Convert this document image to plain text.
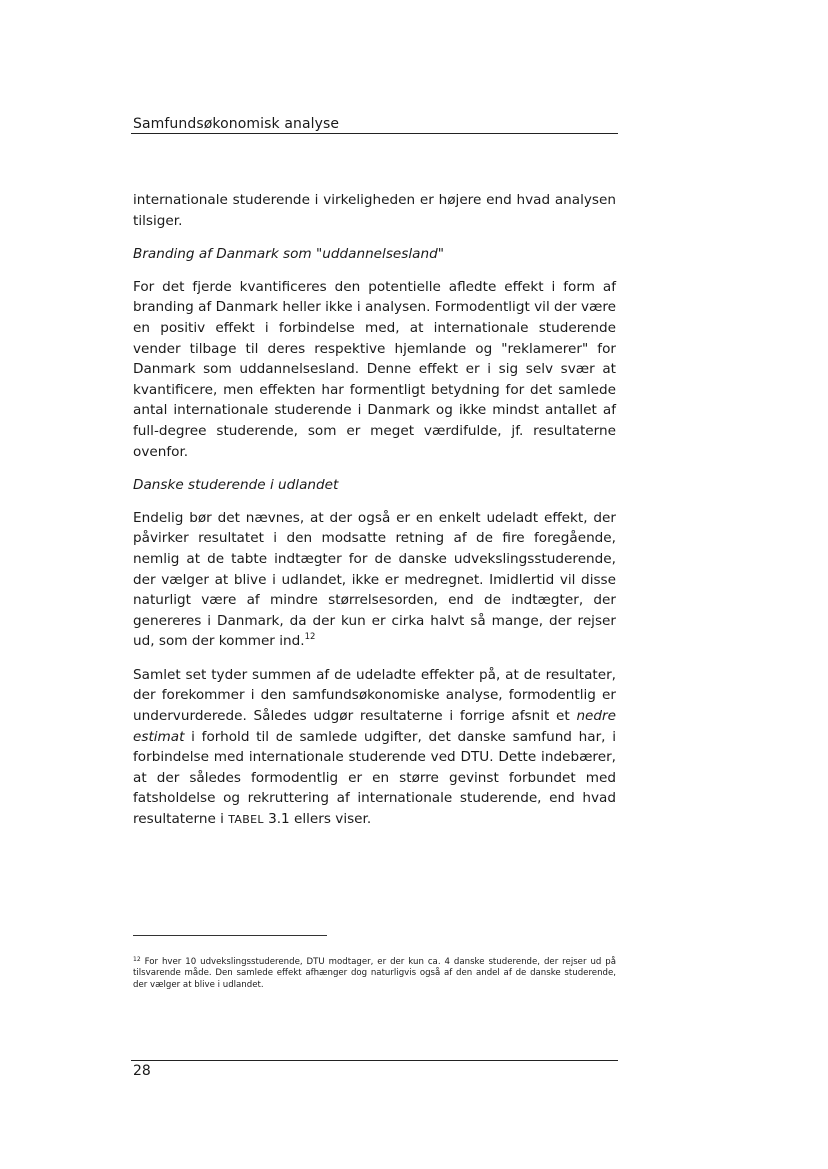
Samfundsøkonomisk analyse

internationale studerende i virkeligheden er højere end hvad analysen tilsiger.

Branding af Danmark som "uddannelsesland"

For det fjerde kvantificeres den potentielle afledte effekt i form af branding af Danmark heller ikke i analysen. Formodentligt vil der være en positiv effekt i forbindelse med, at internationale studerende vender tilbage til deres respektive hjemlande og "reklamerer" for Danmark som uddannelsesland. Denne effekt er i sig selv svær at kvantificere, men effekten har formentligt betydning for det samlede antal internationale studerende i Danmark og ikke mindst antallet af full-degree studerende, som er meget værdifulde, jf. resultaterne ovenfor.

Danske studerende i udlandet

Endelig bør det nævnes, at der også er en enkelt udeladt effekt, der påvirker resultatet i den modsatte retning af de fire foregående, nemlig at de tabte indtægter for de danske udvekslingsstuderende, der vælger at blive i udlandet, ikke er medregnet. Imidlertid vil disse naturligt være af mindre størrelsesorden, end de indtægter, der genereres i Danmark, da der kun er cirka halvt så mange, der rejser ud, som der kommer ind.$^{12}$

Samlet set tyder summen af de udeladte effekter på, at de resultater, der forekommer i den samfundsøkonomiske analyse, formodentlig er undervurderede. Således udgør resultaterne i forrige afsnit et nedre estimat i forhold til de samlede udgifter, det danske samfund har, i forbindelse med internationale studerende ved DTU. Dette indebærer, at der således formodentlig er en større gevinst forbundet med fatsholdelse og rekruttering af internationale studerende, end hvad resultaterne i TABEL 3.1 ellers viser.

$^{12}$ For hver 10 udvekslingsstuderende, DTU modtager, er der kun ca. 4 danske studerende, der rejser ud på tilsvarende måde. Den samlede effekt afhænger dog naturligvis også af den andel af de danske studerende, der vælger at blive i udlandet.
28
